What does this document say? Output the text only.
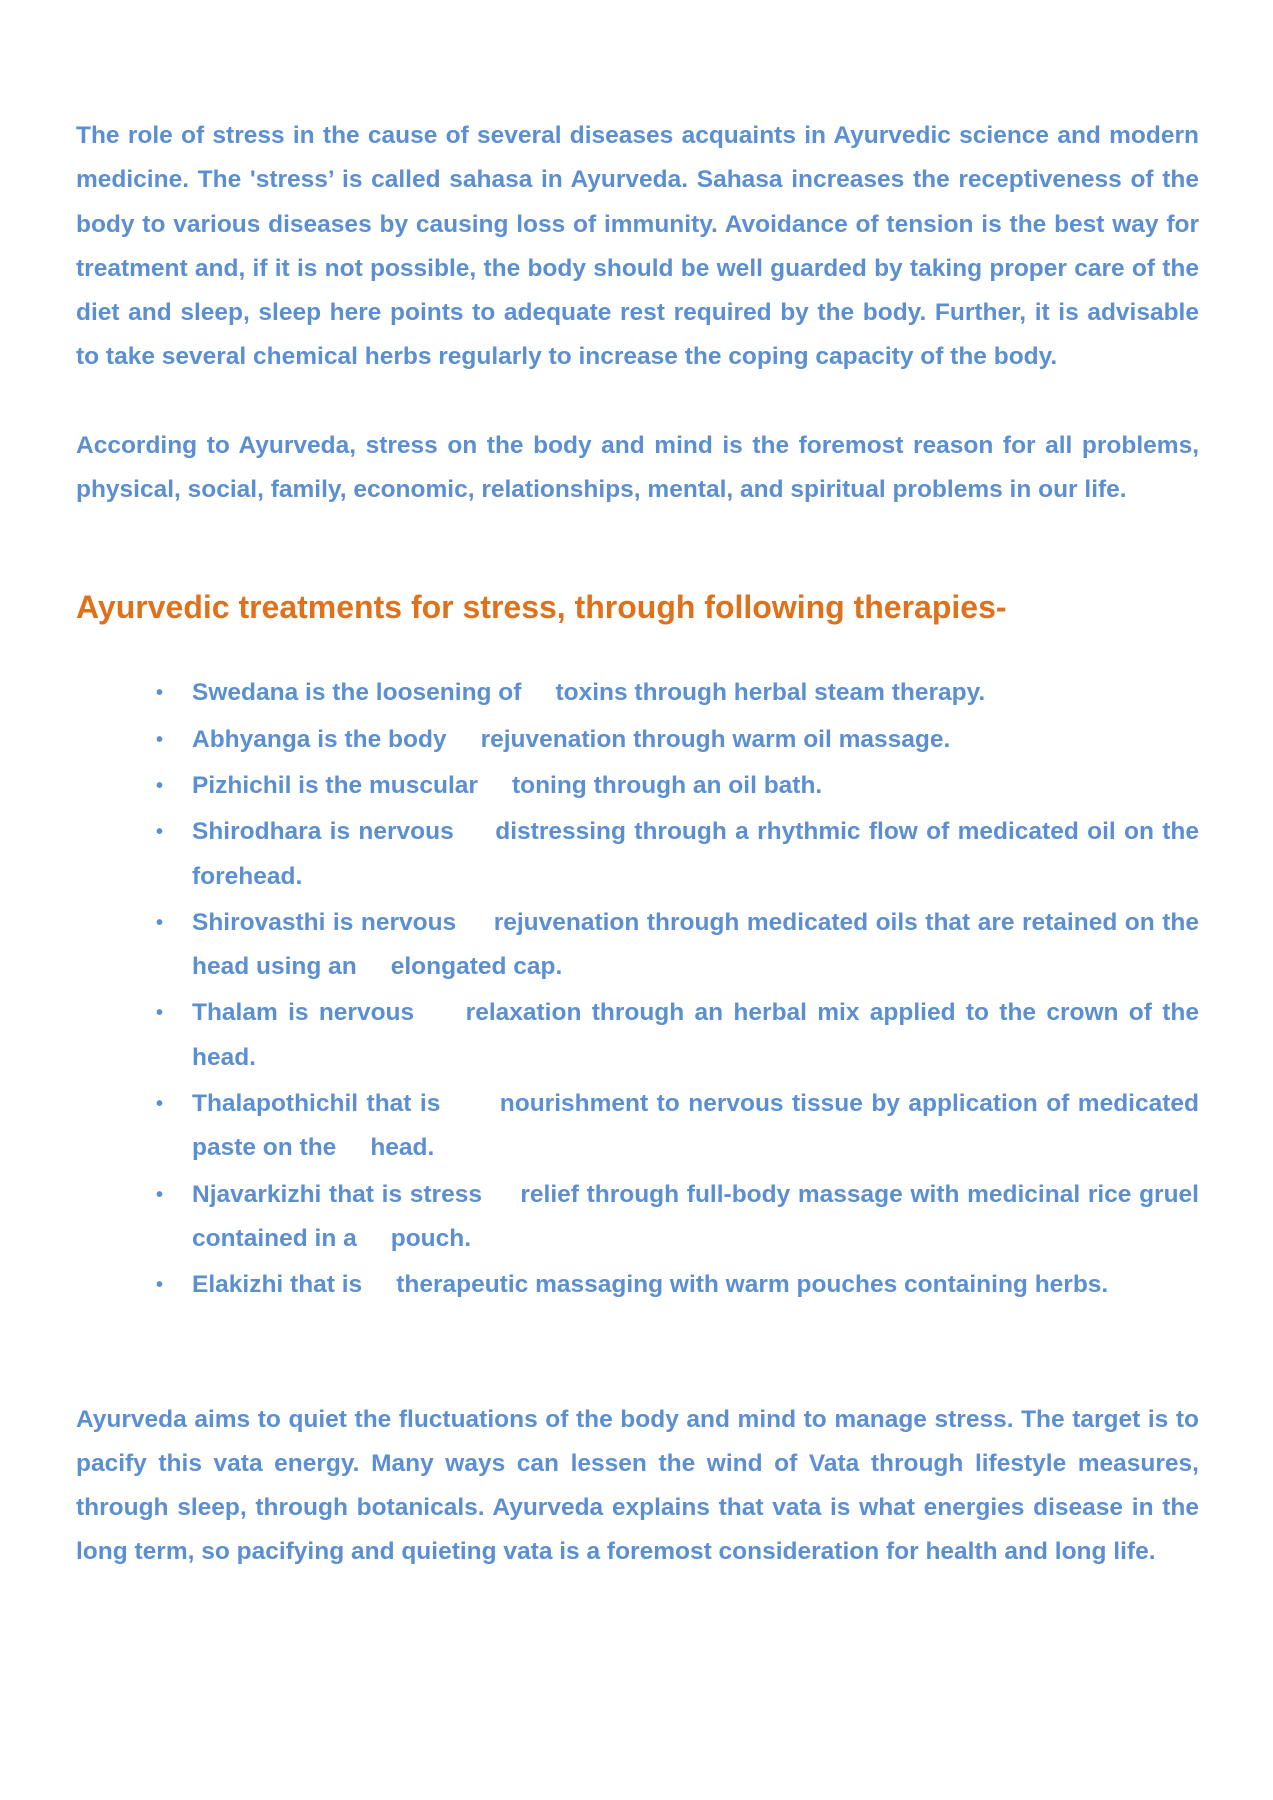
The role of stress in the cause of several diseases acquaints in Ayurvedic science and modern medicine. The 'stress’ is called sahasa in Ayurveda. Sahasa increases the receptiveness of the body to various diseases by causing loss of immunity. Avoidance of tension is the best way for treatment and, if it is not possible, the body should be well guarded by taking proper care of the diet and sleep, sleep here points to adequate rest required by the body. Further, it is advisable to take several chemical herbs regularly to increase the coping capacity of the body.

According to Ayurveda, stress on the body and mind is the foremost reason for all problems, physical, social, family, economic, relationships, mental, and spiritual problems in our life.

Ayurvedic treatments for stress, through following therapies-
• Swedana is the loosening of     toxins through herbal steam therapy.
• Abhyanga is the body     rejuvenation through warm oil massage.
• Pizhichil is the muscular     toning through an oil bath.
• Shirodhara is nervous     distressing through a rhythmic flow of medicated oil on the forehead.
• Shirovasthi is nervous     rejuvenation through medicated oils that are retained on the head using an     elongated cap.
• Thalam is nervous     relaxation through an herbal mix applied to the crown of the head.
• Thalapothichil that is       nourishment to nervous tissue by application of medicated paste on the     head.
• Njavarkizhi that is stress     relief through full-body massage with medicinal rice gruel contained in a     pouch.
• Elakizhi that is     therapeutic massaging with warm pouches containing herbs.

Ayurveda aims to quiet the fluctuations of the body and mind to manage stress. The target is to pacify this vata energy. Many ways can lessen the wind of Vata through lifestyle measures, through sleep, through botanicals. Ayurveda explains that vata is what energies disease in the long term, so pacifying and quieting vata is a foremost consideration for health and long life.
